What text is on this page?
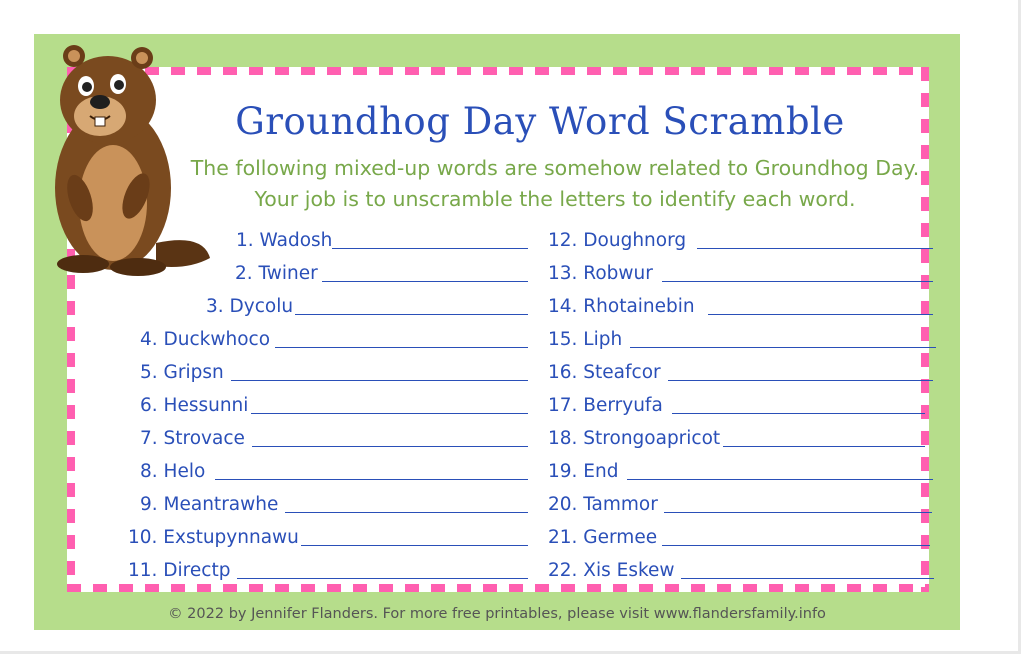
Groundhog Day Word Scramble
The following mixed-up words are somehow related to Groundhog Day.
Your job is to unscramble the letters to identify each word.
1. Wadosh
2. Twiner
3. Dycolu
4. Duckwhoco
5. Gripsn
6. Hessunni
7. Strovace
8. Helo
9. Meantrawhe
10. Exstupynnawu
11. Directp
12. Doughnorg
13. Robwur
14. Rhotainebin
15. Liph
16. Steafcor
17. Berryufa
18. Strongoapricot
19. End
20. Tammor
21. Germee
22. Xis Eskew
© 2022 by Jennifer Flanders. For more free printables, please visit www.flandersfamily.info
